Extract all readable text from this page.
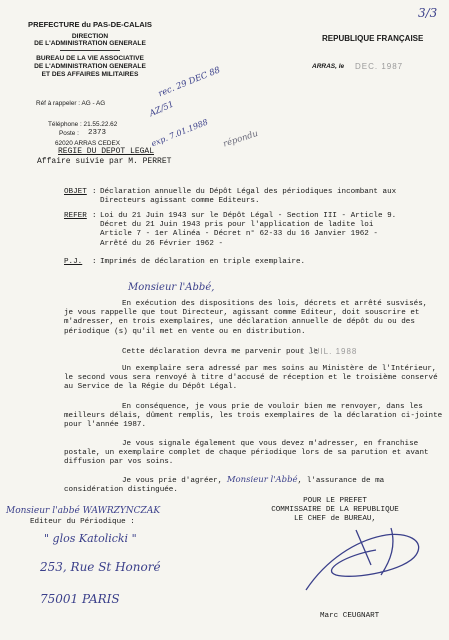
3/3
PREFECTURE du PAS-DE-CALAIS
DIRECTION
DE L'ADMINISTRATION GENERALE
BUREAU DE LA VIE ASSOCIATIVE
DE L'ADMINISTRATION GENERALE
ET DES AFFAIRES MILITAIRES
Réf à rappeler : AG - AG
Téléphone : 21.55.22.62
Poste : 2373
62020 ARRAS CEDEX
REGIE DU DEPOT LEGAL
Affaire suivie par M. PERRET
REPUBLIQUE FRANÇAISE
ARRAS, le DEC. 1987
rec. 29 DEC 88
AZ/51
exp. 7.01.1988 répondu
OBJET : Déclaration annuelle du Dépôt Légal des périodiques incombant aux
Directeurs agissant comme Editeurs.
REFER : Loi du 21 Juin 1943 sur le Dépôt Légal - Section III - Article 9.
Décret du 21 Juin 1943 pris pour l'application de ladite loi
Article 7 - 1er Alinéa - Décret n° 62-33 du 16 Janvier 1962 -
Arrêté du 26 Février 1962 -
P.J. : Imprimés de déclaration en triple exemplaire.
Monsieur l'Abbé,
En exécution des dispositions des lois, décrets et arrêté susvisés,
je vous rappelle que tout Directeur, agissant comme Editeur, doit souscrire et
m'adresser, en trois exemplaires, une déclaration annuelle de dépôt du ou des
périodique (s) qu'il met en vente ou en distribution.
Cette déclaration devra me parvenir pour le
1 JUIL. 1988
Un exemplaire sera adressé par mes soins au Ministère de l'Intérieur,
le second vous sera renvoyé à titre d'accusé de réception et le troisième conservé
au Service de la Régie du Dépôt Légal.
En conséquence, je vous prie de vouloir bien me renvoyer, dans les
meilleurs délais, dûment remplis, les trois exemplaires de la déclaration ci-jointe
pour l'année 1987.
Je vous signale également que vous devez m'adresser, en franchise
postale, un exemplaire complet de chaque périodique lors de sa parution et avant
diffusion par vos soins.
Je vous prie d'agréer, Monsieur l'Abbé, l'assurance de ma
considération distinguée.
POUR LE PREFET
COMMISSAIRE DE LA REPUBLIQUE
LE CHEF de BUREAU,
Marc CEUGNART
Monsieur l'abbé WAWRZYNCZAK
Editeur du Périodique :
" glos Katolicki "
253, Rue St Honoré
75001 PARIS
